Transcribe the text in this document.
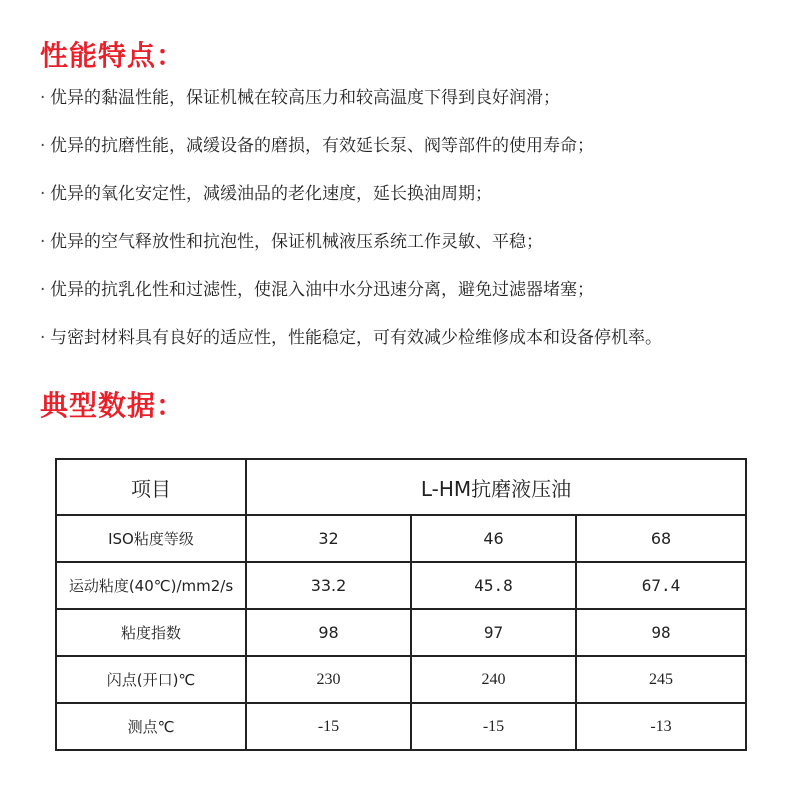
性能特点：
· 优异的黏温性能，保证机械在较高压力和较高温度下得到良好润滑；
· 优异的抗磨性能，减缓设备的磨损，有效延长泵、阀等部件的使用寿命；
· 优异的氧化安定性，减缓油品的老化速度，延长换油周期；
· 优异的空气释放性和抗泡性，保证机械液压系统工作灵敏、平稳；
· 优异的抗乳化性和过滤性，使混入油中水分迅速分离，避免过滤器堵塞；
· 与密封材料具有良好的适应性，性能稳定，可有效减少检维修成本和设备停机率。
典型数据：
项目	L-HM抗磨液压油		
ISO粘度等级	32	46	68
运动粘度(40℃)/mm2/s	33.2	45.8	67.4
粘度指数	98	97	98
闪点(开口)℃	230	240	245
测点℃	-15	-15	-13
